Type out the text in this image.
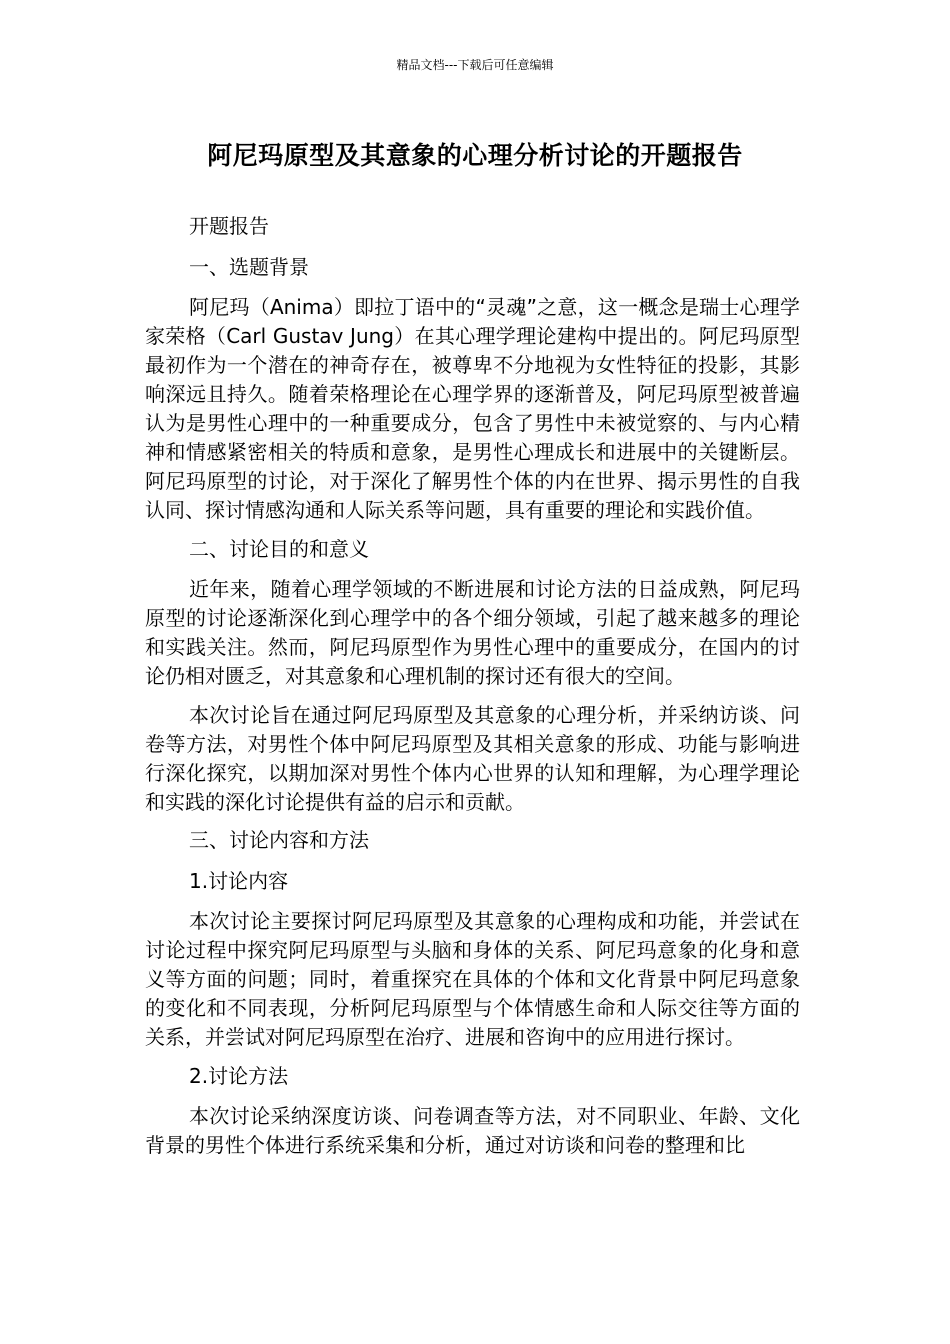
精品文档---下载后可任意编辑
阿尼玛原型及其意象的心理分析讨论的开题报告

开题报告

一、选题背景

阿尼玛（Anima）即拉丁语中的“灵魂”之意，这一概念是瑞士心理学家荣格（Carl Gustav Jung）在其心理学理论建构中提出的。阿尼玛原型最初作为一个潜在的神奇存在，被尊卑不分地视为女性特征的投影，其影响深远且持久。随着荣格理论在心理学界的逐渐普及，阿尼玛原型被普遍认为是男性心理中的一种重要成分，包含了男性中未被觉察的、与内心精神和情感紧密相关的特质和意象，是男性心理成长和进展中的关键断层。阿尼玛原型的讨论，对于深化了解男性个体的内在世界、揭示男性的自我认同、探讨情感沟通和人际关系等问题，具有重要的理论和实践价值。

二、讨论目的和意义

近年来，随着心理学领域的不断进展和讨论方法的日益成熟，阿尼玛原型的讨论逐渐深化到心理学中的各个细分领域，引起了越来越多的理论和实践关注。然而，阿尼玛原型作为男性心理中的重要成分，在国内的讨论仍相对匮乏，对其意象和心理机制的探讨还有很大的空间。

本次讨论旨在通过阿尼玛原型及其意象的心理分析，并采纳访谈、问卷等方法，对男性个体中阿尼玛原型及其相关意象的形成、功能与影响进行深化探究，以期加深对男性个体内心世界的认知和理解，为心理学理论和实践的深化讨论提供有益的启示和贡献。

三、讨论内容和方法

1.讨论内容

本次讨论主要探讨阿尼玛原型及其意象的心理构成和功能，并尝试在讨论过程中探究阿尼玛原型与头脑和身体的关系、阿尼玛意象的化身和意义等方面的问题；同时，着重探究在具体的个体和文化背景中阿尼玛意象的变化和不同表现，分析阿尼玛原型与个体情感生命和人际交往等方面的关系，并尝试对阿尼玛原型在治疗、进展和咨询中的应用进行探讨。

2.讨论方法

本次讨论采纳深度访谈、问卷调查等方法，对不同职业、年龄、文化背景的男性个体进行系统采集和分析，通过对访谈和问卷的整理和比
